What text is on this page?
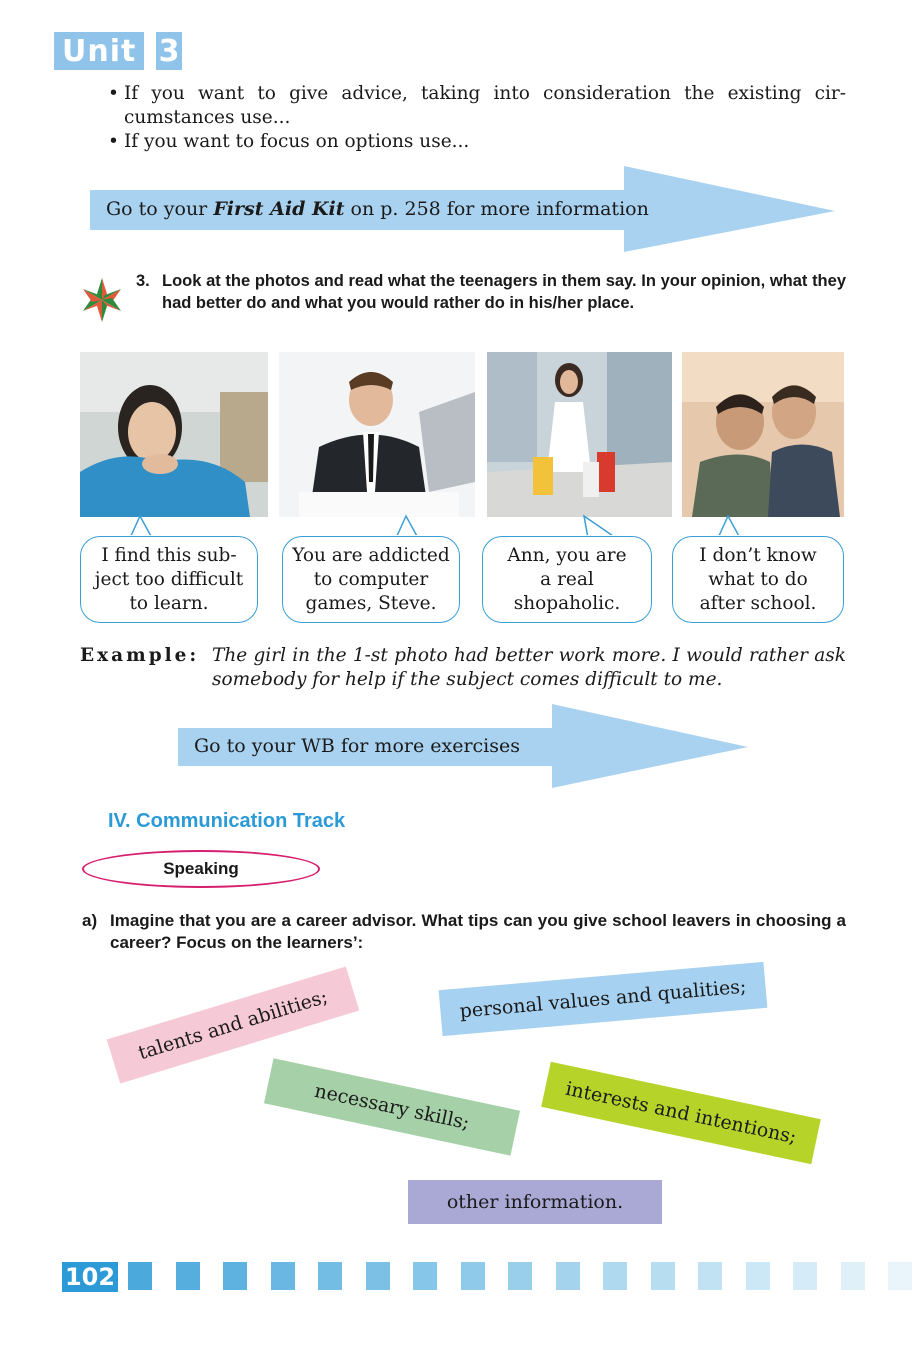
Unit 3
• If you want to give advice, taking into consideration the existing cir-cumstances use...
• If you want to focus on options use...
Go to your First Aid Kit on p. 258 for more information
3. Look at the photos and read what the teenagers in them say. In your opinion, what they had better do and what you would rather do in his/her place.
I find this sub-ject too difficult to learn.
You are addicted to computer games, Steve.
Ann, you are a real shopaholic.
I don’t know what to do after school.
Example: The girl in the 1-st photo had better work more. I would rather ask somebody for help if the subject comes difficult to me.
Go to your WB for more exercises
IV. Communication Track
Speaking
a) Imagine that you are a career advisor. What tips can you give school leavers in choosing a career? Focus on the learners’:
talents and abilities;	personal values and qualities;
necessary skills;	interests and intentions;
other information.
102
